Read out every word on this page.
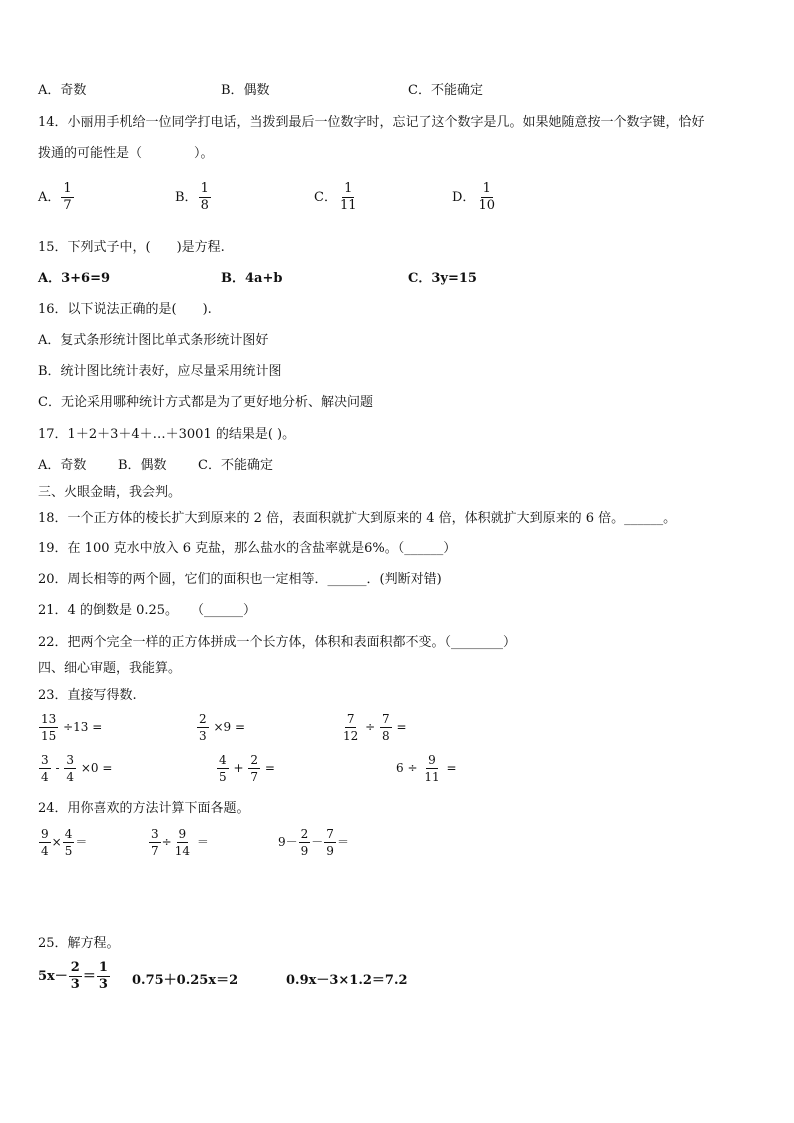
A．奇数	B．偶数	C．不能确定
14．小丽用手机给一位同学打电话，当拨到最后一位数字时，忘记了这个数字是几。如果她随意按一个数字键，恰好
拨通的可能性是（　　　　）。
A． $\frac{1}{7}$	B． $\frac{1}{8}$	C． $\frac{1}{11}$	D． $\frac{1}{10}$
15．下列式子中，(　　)是方程.
A．3+6=9	B．4a+b	C．3y=15
16．以下说法正确的是(　　).
A．复式条形统计图比单式条形统计图好
B．统计图比统计表好，应尽量采用统计图
C．无论采用哪种统计方式都是为了更好地分析、解决问题
17．1＋2＋3＋4＋…＋3001 的结果是( )。
A．奇数 B．偶数 C．不能确定
三、火眼金睛，我会判。
18．一个正方体的棱长扩大到原来的 2 倍，表面积就扩大到原来的 4 倍，体积就扩大到原来的 6 倍。______。
19．在 100 克水中放入 6 克盐，那么盐水的含盐率就是6%。（______）
20．周长相等的两个圆，它们的面积也一定相等．______．(判断对错)
21．4 的倒数是 0.25。　　（______）
22．把两个完全一样的正方体拼成一个长方体，体积和表面积都不变。（________）
四、细心审题，我能算。
23．直接写得数.
$\frac{13}{15} \div 13$ =	$\frac{2}{3} \times 9$ =	$\frac{7}{12} \div \frac{7}{8}$ =
$\frac{3}{4} - \frac{3}{4} \times 0$ =	$\frac{4}{5} + \frac{2}{7}$ =	$6 \div \frac{9}{11}$ =
24．用你喜欢的方法计算下面各题。
$\frac{9}{4} \times \frac{4}{5}$ ＝	$\frac{3}{7} \div \frac{9}{14}$ ＝	$9- \frac{2}{9} - \frac{7}{9}$ ＝
25．解方程。
$5x- \frac{2}{3} = \frac{1}{3} 0.75+0.25x=2$	0.9x－3×1.2＝7.2
